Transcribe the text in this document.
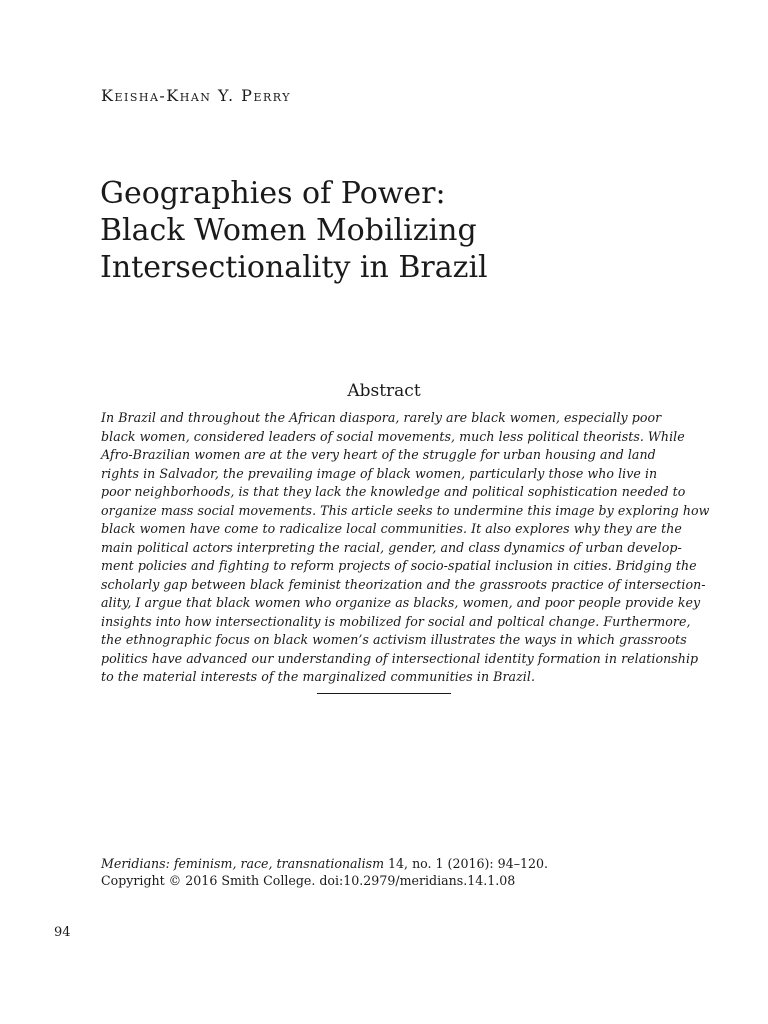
Keisha-Khan Y. Perry
Geographies of Power:
Black Women Mobilizing
Intersectionality in Brazil
Abstract
In Brazil and throughout the African diaspora, rarely are black women, especially poor
black women, considered leaders of social movements, much less political theorists. While
Afro-Brazilian women are at the very heart of the struggle for urban housing and land
rights in Salvador, the prevailing image of black women, particularly those who live in
poor neighborhoods, is that they lack the knowledge and political sophistication needed to
organize mass social movements. This article seeks to undermine this image by exploring how
black women have come to radicalize local communities. It also explores why they are the
main political actors interpreting the racial, gender, and class dynamics of urban develop-
ment policies and fighting to reform projects of socio-spatial inclusion in cities. Bridging the
scholarly gap between black feminist theorization and the grassroots practice of intersection-
ality, I argue that black women who organize as blacks, women, and poor people provide key
insights into how intersectionality is mobilized for social and poltical change. Furthermore,
the ethnographic focus on black women’s activism illustrates the ways in which grassroots
politics have advanced our understanding of intersectional identity formation in relationship
to the material interests of the marginalized communities in Brazil.
Meridians: feminism, race, transnationalism 14, no. 1 (2016): 94–120.
Copyright © 2016 Smith College. doi:10.2979/meridians.14.1.08
94
